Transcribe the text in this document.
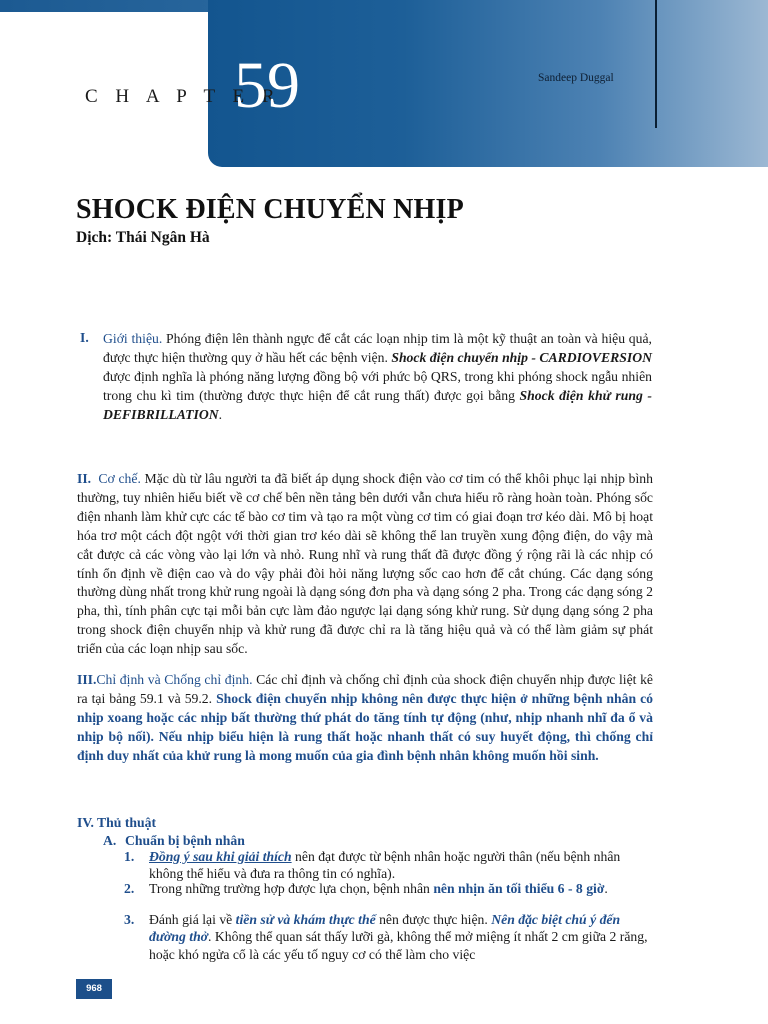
C H A P T E R
59	Sandeep Duggal
SHOCK ĐIỆN CHUYỂN NHỊP
Dịch: Thái Ngân Hà
I. Giới thiệu. Phóng điện lên thành ngực để cắt các loạn nhịp tim là một kỹ thuật an toàn và hiệu quả, được thực hiện thường quy ở hầu hết các bệnh viện. Shock điện chuyển nhịp - CARDIOVERSION được định nghĩa là phóng năng lượng đồng bộ với phức bộ QRS, trong khi phóng shock ngẫu nhiên trong chu kì tim (thường được thực hiện để cắt rung thất) được gọi bằng Shock điện khử rung - DEFIBRILLATION.
II. Cơ chế. Mặc dù từ lâu người ta đã biết áp dụng shock điện vào cơ tim có thể khôi phục lại nhịp bình thường, tuy nhiên hiểu biết về cơ chế bên nền tảng bên dưới vẫn chưa hiểu rõ ràng hoàn toàn. Phóng sốc điện nhanh làm khử cực các tế bào cơ tim và tạo ra một vùng cơ tim có giai đoạn trơ kéo dài. Mô bị hoạt hóa trơ một cách đột ngột với thời gian trơ kéo dài sẽ không thể lan truyền xung động điện, do vậy mà cắt được cả các vòng vào lại lớn và nhỏ. Rung nhĩ và rung thất đã được đồng ý rộng rãi là các nhịp có tính ổn định về điện cao và do vậy phải đòi hỏi năng lượng sốc cao hơn để cắt chúng. Các dạng sóng thường dùng nhất trong khử rung ngoài là dạng sóng đơn pha và dạng sóng 2 pha. Trong các dạng sóng 2 pha, thì, tính phân cực tại mỗi bản cực làm đảo ngược lại dạng sóng khử rung. Sử dụng dạng sóng 2 pha trong shock điện chuyển nhịp và khử rung đã được chỉ ra là tăng hiệu quả và có thể làm giảm sự phát triển của các loạn nhịp sau sốc.
III.Chỉ định và Chống chỉ định. Các chỉ định và chống chỉ định của shock điện chuyển nhịp được liệt kê ra tại bảng 59.1 và 59.2. Shock điện chuyển nhịp không nên được thực hiện ở những bệnh nhân có nhịp xoang hoặc các nhịp bất thường thứ phát do tăng tính tự động (như, nhịp nhanh nhĩ đa ổ và nhịp bộ nối). Nếu nhịp biểu hiện là rung thất hoặc nhanh thất có suy huyết động, thì chống chỉ định duy nhất của khử rung là mong muốn của gia đình bệnh nhân không muốn hồi sinh.
IV. Thủ thuật
A. Chuẩn bị bệnh nhân
1. Đồng ý sau khi giải thích nên đạt được từ bệnh nhân hoặc người thân (nếu bệnh nhân không thể hiểu và đưa ra thông tin có nghĩa).
2. Trong những trường hợp được lựa chọn, bệnh nhân nên nhịn ăn tối thiểu 6 - 8 giờ.
3. Đánh giá lại về tiền sử và khám thực thể nên được thực hiện. Nên đặc biệt chú ý đến đường thở. Không thể quan sát thấy lưỡi gà, không thể mở miệng ít nhất 2 cm giữa 2 răng, hoặc khó ngửa cổ là các yếu tố nguy cơ có thể làm cho việc
968
